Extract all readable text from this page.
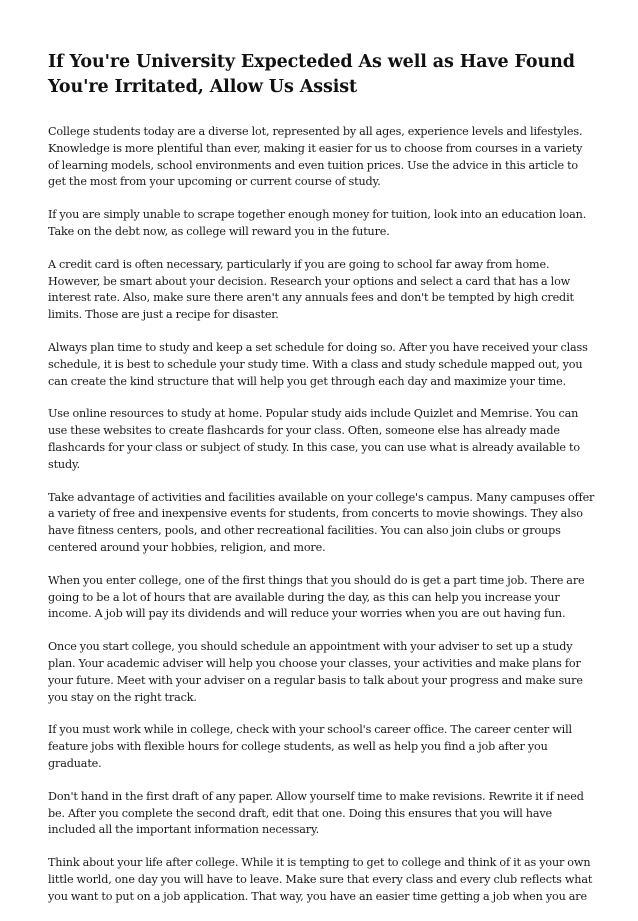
If You're University Expecteded As well as Have Found You're Irritated, Allow Us Assist

College students today are a diverse lot, represented by all ages, experience levels and lifestyles. Knowledge is more plentiful than ever, making it easier for us to choose from courses in a variety of learning models, school environments and even tuition prices. Use the advice in this article to get the most from your upcoming or current course of study.

If you are simply unable to scrape together enough money for tuition, look into an education loan. Take on the debt now, as college will reward you in the future.

A credit card is often necessary, particularly if you are going to school far away from home. However, be smart about your decision. Research your options and select a card that has a low interest rate. Also, make sure there aren't any annuals fees and don't be tempted by high credit limits. Those are just a recipe for disaster.

Always plan time to study and keep a set schedule for doing so. After you have received your class schedule, it is best to schedule your study time. With a class and study schedule mapped out, you can create the kind structure that will help you get through each day and maximize your time.

Use online resources to study at home. Popular study aids include Quizlet and Memrise. You can use these websites to create flashcards for your class. Often, someone else has already made flashcards for your class or subject of study. In this case, you can use what is already available to study.

Take advantage of activities and facilities available on your college's campus. Many campuses offer a variety of free and inexpensive events for students, from concerts to movie showings. They also have fitness centers, pools, and other recreational facilities. You can also join clubs or groups centered around your hobbies, religion, and more.

When you enter college, one of the first things that you should do is get a part time job. There are going to be a lot of hours that are available during the day, as this can help you increase your income. A job will pay its dividends and will reduce your worries when you are out having fun.

Once you start college, you should schedule an appointment with your adviser to set up a study plan. Your academic adviser will help you choose your classes, your activities and make plans for your future. Meet with your adviser on a regular basis to talk about your progress and make sure you stay on the right track.

If you must work while in college, check with your school's career office. The career center will feature jobs with flexible hours for college students, as well as help you find a job after you graduate.

Don't hand in the first draft of any paper. Allow yourself time to make revisions. Rewrite it if need be. After you complete the second draft, edit that one. Doing this ensures that you will have included all the important information necessary.

Think about your life after college. While it is tempting to get to college and think of it as your own little world, one day you will have to leave. Make sure that every class and every club reflects what you want to put on a job application. That way, you have an easier time getting a job when you are
